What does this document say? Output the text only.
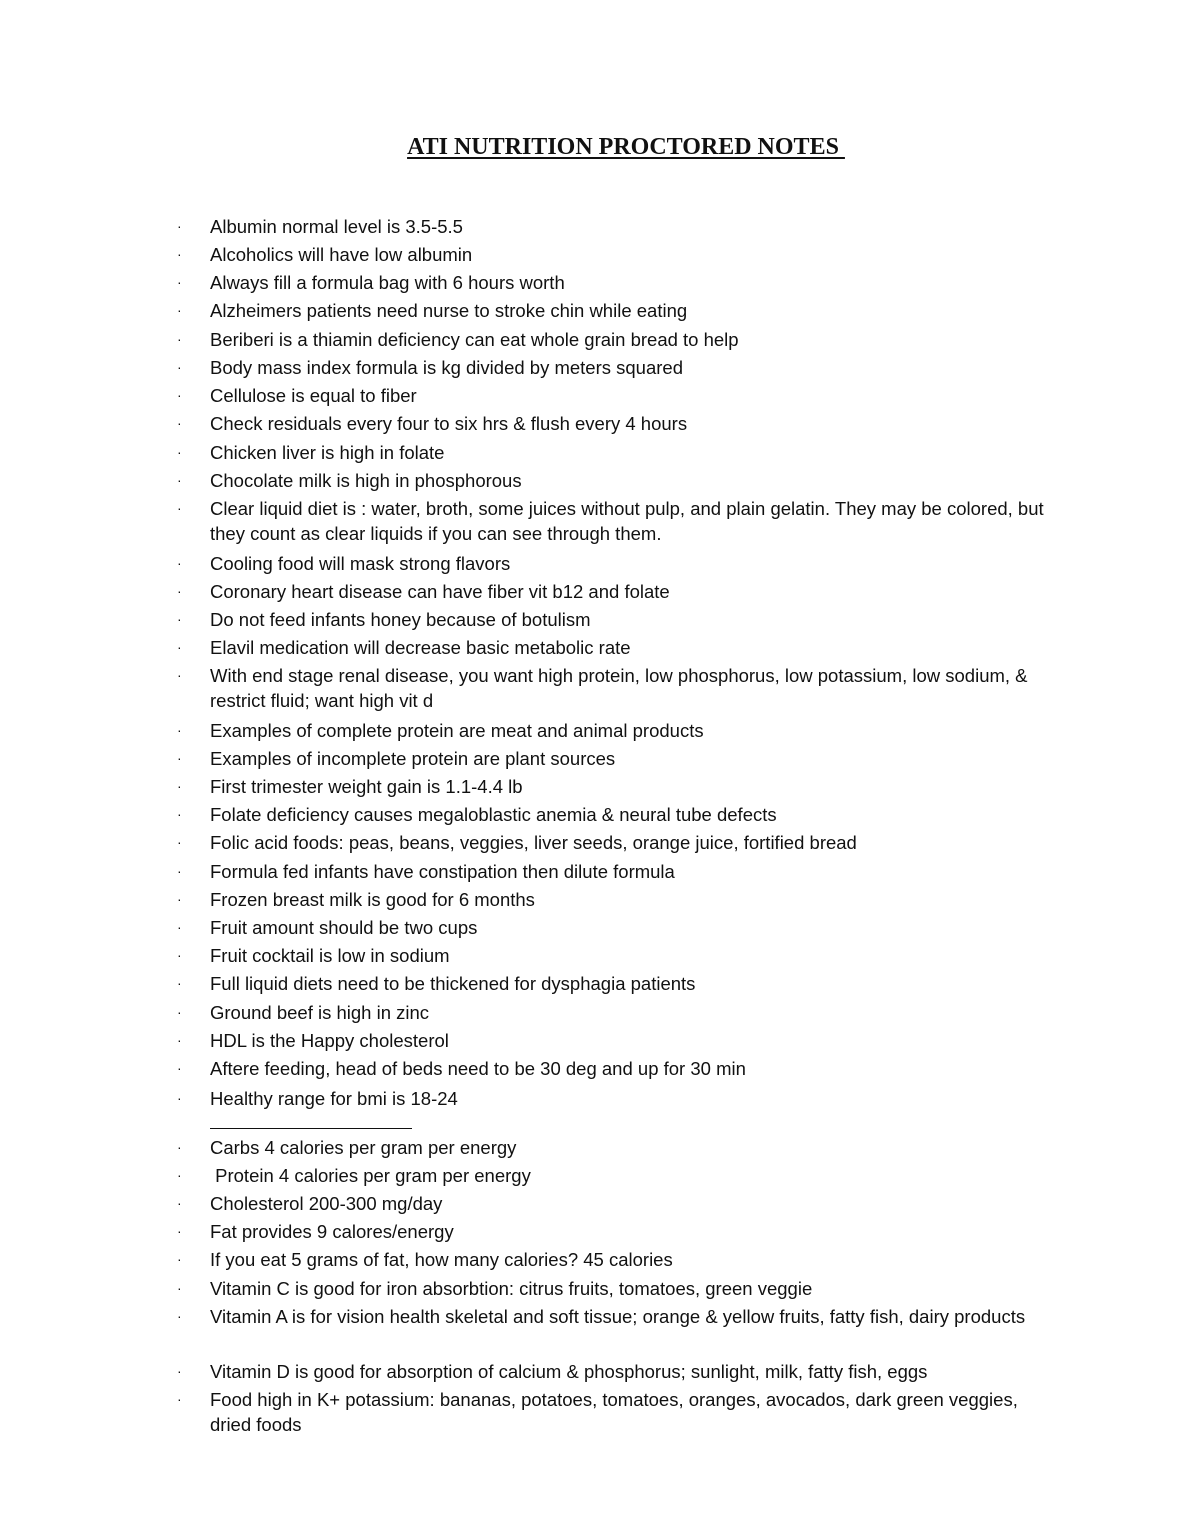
ATI NUTRITION PROCTORED NOTES
· Albumin normal level is 3.5-5.5
· Alcoholics will have low albumin
· Always fill a formula bag with 6 hours worth
· Alzheimers patients need nurse to stroke chin while eating
· Beriberi is a thiamin deficiency can eat whole grain bread to help
· Body mass index formula is kg divided by meters squared
· Cellulose is equal to fiber
· Check residuals every four to six hrs & flush every 4 hours
· Chicken liver is high in folate
· Chocolate milk is high in phosphorous
· Clear liquid diet is : water, broth, some juices without pulp, and plain gelatin. They may be colored, but they count as clear liquids if you can see through them.
· Cooling food will mask strong flavors
· Coronary heart disease can have fiber vit b12 and folate
· Do not feed infants honey because of botulism
· Elavil medication will decrease basic metabolic rate
· With end stage renal disease, you want high protein, low phosphorus, low potassium, low sodium, & restrict fluid; want high vit d
· Examples of complete protein are meat and animal products
· Examples of incomplete protein are plant sources
· First trimester weight gain is 1.1-4.4 lb
· Folate deficiency causes megaloblastic anemia & neural tube defects
· Folic acid foods: peas, beans, veggies, liver seeds, orange juice, fortified bread
· Formula fed infants have constipation then dilute formula
· Frozen breast milk is good for 6 months
· Fruit amount should be two cups
· Fruit cocktail is low in sodium
· Full liquid diets need to be thickened for dysphagia patients
· Ground beef is high in zinc
· HDL is the Happy cholesterol
· Aftere feeding, head of beds need to be 30 deg and up for 30 min
· Healthy range for bmi is 18-24
· Carbs 4 calories per gram per energy
· Protein 4 calories per gram per energy
· Cholesterol 200-300 mg/day
· Fat provides 9 calores/energy
· If you eat 5 grams of fat, how many calories? 45 calories
· Vitamin C is good for iron absorbtion: citrus fruits, tomatoes, green veggie
· Vitamin A is for vision health skeletal and soft tissue; orange & yellow fruits, fatty fish, dairy products
· Vitamin D is good for absorption of calcium & phosphorus; sunlight, milk, fatty fish, eggs
· Food high in K+ potassium: bananas, potatoes, tomatoes, oranges, avocados, dark green veggies, dried foods
